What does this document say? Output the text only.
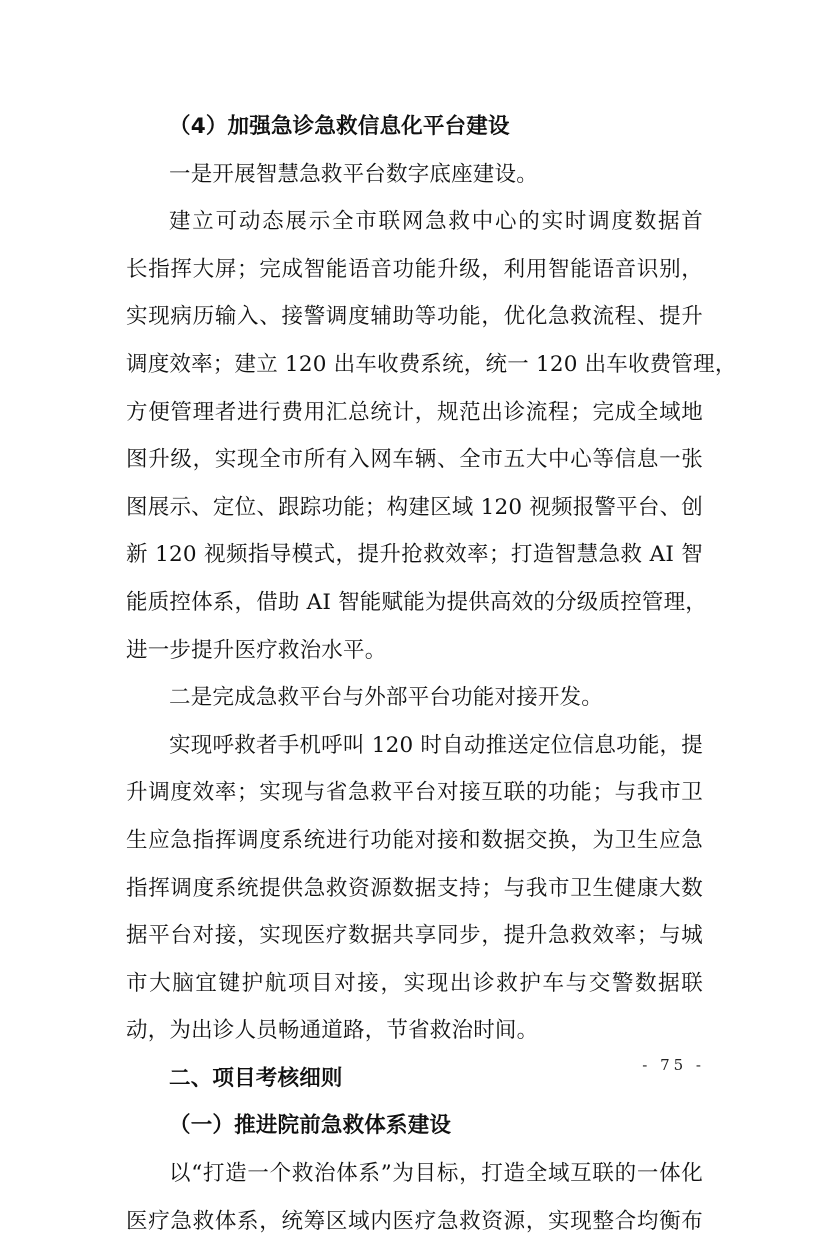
（4）加强急诊急救信息化平台建设
一是开展智慧急救平台数字底座建设。
建立可动态展示全市联网急救中心的实时调度数据首
长指挥大屏；完成智能语音功能升级，利用智能语音识别，
实现病历输入、接警调度辅助等功能，优化急救流程、提升
调度效率；建立 120 出车收费系统，统一 120 出车收费管理，
方便管理者进行费用汇总统计，规范出诊流程；完成全域地
图升级，实现全市所有入网车辆、全市五大中心等信息一张
图展示、定位、跟踪功能；构建区域 120 视频报警平台、创
新 120 视频指导模式，提升抢救效率；打造智慧急救 AI 智
能质控体系，借助 AI 智能赋能为提供高效的分级质控管理，
进一步提升医疗救治水平。
二是完成急救平台与外部平台功能对接开发。
实现呼救者手机呼叫 120 时自动推送定位信息功能，提
升调度效率；实现与省急救平台对接互联的功能；与我市卫
生应急指挥调度系统进行功能对接和数据交换，为卫生应急
指挥调度系统提供急救资源数据支持；与我市卫生健康大数
据平台对接，实现医疗数据共享同步，提升急救效率；与城
市大脑宜键护航项目对接，实现出诊救护车与交警数据联
动，为出诊人员畅通道路，节省救治时间。
二、项目考核细则
（一）推进院前急救体系建设
以“打造一个救治体系”为目标，打造全域互联的一体化
医疗急救体系，统筹区域内医疗急救资源，实现整合均衡布
- 75 -
